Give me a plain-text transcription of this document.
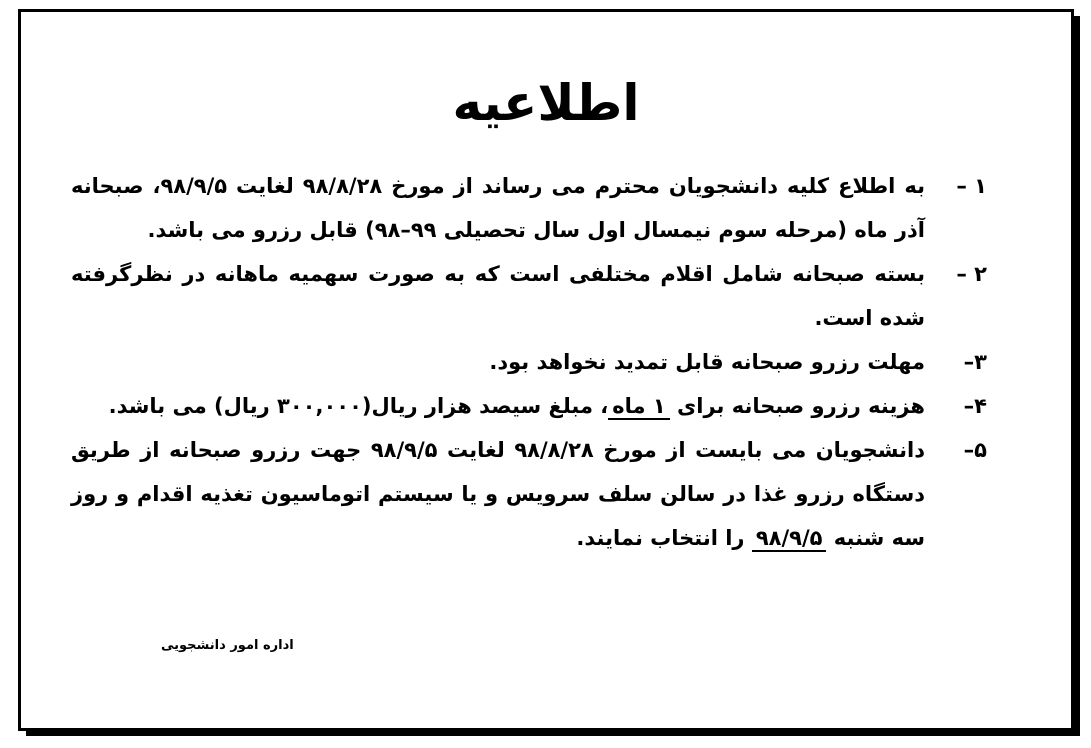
اطلاعیه
۱ –
به اطلاع کلیه دانشجویان محترم می رساند از مورخ ۹۸/۸/۲۸ لغایت ۹۸/۹/۵، صبحانه آذر ماه (مرحله سوم نیمسال اول سال تحصیلی ۹۹–۹۸) قابل رزرو می باشد.
۲ –
بسته صبحانه شامل اقلام مختلفی است که به صورت سهمیه ماهانه در نظرگرفته شده است.
۳–
مهلت رزرو صبحانه قابل تمدید نخواهد بود.
۴–
هزینه رزرو صبحانه برای ۱ ماه، مبلغ سیصد هزار ریال(۳۰۰,۰۰۰ ریال) می باشد.
۵–
دانشجویان می بایست از مورخ ۹۸/۸/۲۸ لغایت ۹۸/۹/۵ جهت رزرو صبحانه از طریق دستگاه رزرو غذا در سالن سلف سرویس و یا سیستم اتوماسیون تغذیه اقدام و روز سه شنبه ۹۸/۹/۵ را انتخاب نمایند.
اداره امور دانشجویی
